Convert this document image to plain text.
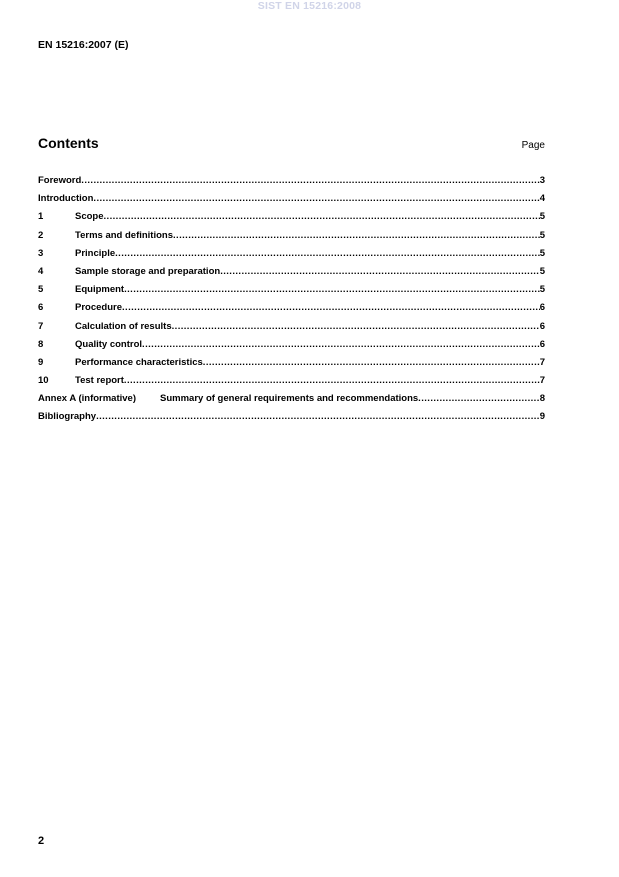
SIST EN 15216:2008
EN 15216:2007 (E)
Contents	Page
Foreword .....	3
Introduction .....	4
1	Scope .....	5
2	Terms and definitions .....	5
3	Principle .....	5
4	Sample storage and preparation .....	5
5	Equipment .....	5
6	Procedure .....	6
7	Calculation of results .....	6
8	Quality control .....	6
9	Performance characteristics .....	7
10	Test report .....	7
Annex A (informative)	Summary of general requirements and recommendations .....	8
Bibliography .....	9
2
